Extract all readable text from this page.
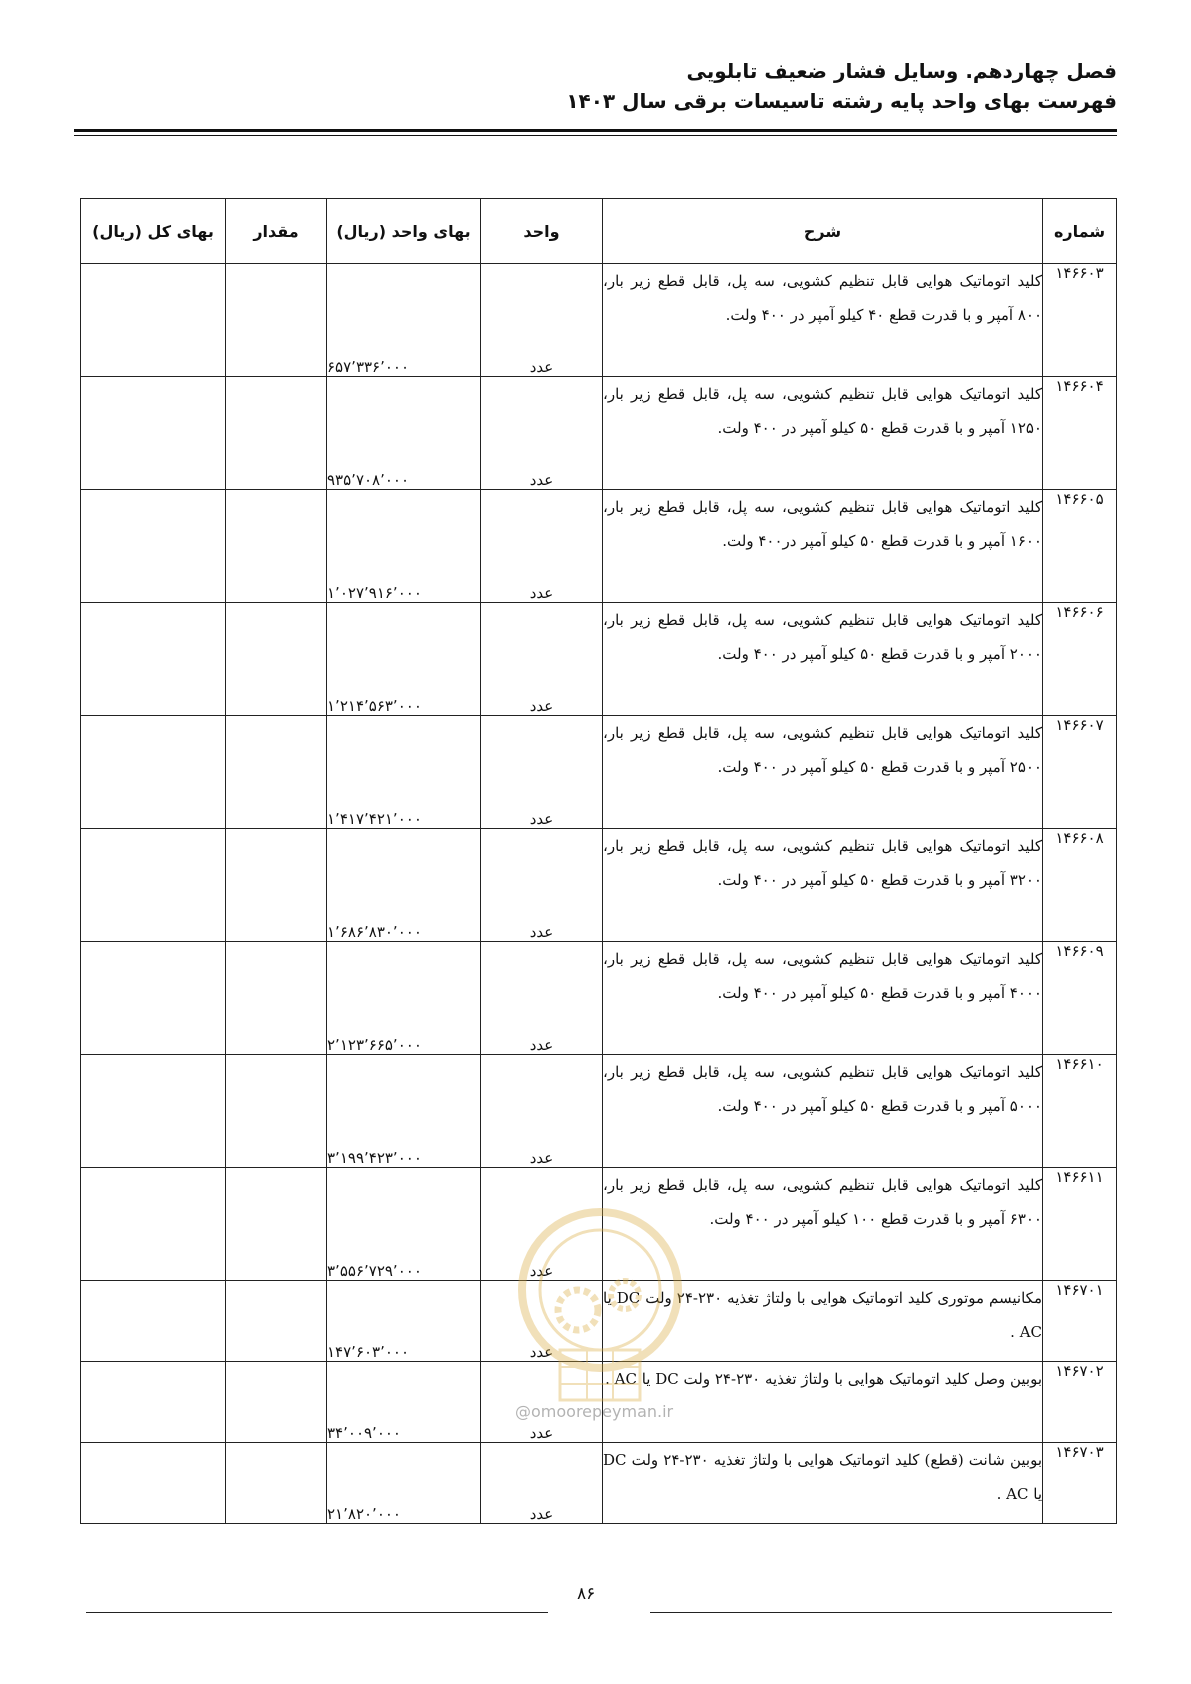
فصل چهاردهم. وسایل فشار ضعیف تابلویی
فهرست بهای واحد پایه رشته تاسیسات برقی سال ۱۴۰۳
شماره	شرح	واحد	بهای واحد (ریال)	مقدار	بهای کل (ریال)
۱۴۶۶۰۳	کلید اتوماتیک هوایی قابل تنظیم کشویی، سه پل، قابل قطع زیر بار، ۸۰۰ آمپر و با قدرت قطع ۴۰ کیلو آمپر در ۴۰۰ ولت.	عدد	۶۵۷٬۳۳۶٬۰۰۰		
۱۴۶۶۰۴	کلید اتوماتیک هوایی قابل تنظیم کشویی، سه پل، قابل قطع زیر بار، ۱۲۵۰ آمپر و با قدرت قطع ۵۰ کیلو آمپر در ۴۰۰ ولت.	عدد	۹۳۵٬۷۰۸٬۰۰۰		
۱۴۶۶۰۵	کلید اتوماتیک هوایی قابل تنظیم کشویی، سه پل، قابل قطع زیر بار، ۱۶۰۰ آمپر و با قدرت قطع ۵۰ کیلو آمپر در۴۰۰ ولت.	عدد	۱٬۰۲۷٬۹۱۶٬۰۰۰		
۱۴۶۶۰۶	کلید اتوماتیک هوایی قابل تنظیم کشویی، سه پل، قابل قطع زیر بار، ۲۰۰۰ آمپر و با قدرت قطع ۵۰ کیلو آمپر در ۴۰۰ ولت.	عدد	۱٬۲۱۴٬۵۶۳٬۰۰۰		
۱۴۶۶۰۷	کلید اتوماتیک هوایی قابل تنظیم کشویی، سه پل، قابل قطع زیر بار، ۲۵۰۰ آمپر و با قدرت قطع ۵۰ کیلو آمپر در ۴۰۰ ولت.	عدد	۱٬۴۱۷٬۴۲۱٬۰۰۰		
۱۴۶۶۰۸	کلید اتوماتیک هوایی قابل تنظیم کشویی، سه پل، قابل قطع زیر بار، ۳۲۰۰ آمپر و با قدرت قطع ۵۰ کیلو آمپر در ۴۰۰ ولت.	عدد	۱٬۶۸۶٬۸۳۰٬۰۰۰		
۱۴۶۶۰۹	کلید اتوماتیک هوایی قابل تنظیم کشویی، سه پل، قابل قطع زیر بار، ۴۰۰۰ آمپر و با قدرت قطع ۵۰ کیلو آمپر در ۴۰۰ ولت.	عدد	۲٬۱۲۳٬۶۶۵٬۰۰۰		
۱۴۶۶۱۰	کلید اتوماتیک هوایی قابل تنظیم کشویی، سه پل، قابل قطع زیر بار، ۵۰۰۰ آمپر و با قدرت قطع ۵۰ کیلو آمپر در ۴۰۰ ولت.	عدد	۳٬۱۹۹٬۴۲۳٬۰۰۰		
۱۴۶۶۱۱	کلید اتوماتیک هوایی قابل تنظیم کشویی، سه پل، قابل قطع زیر بار، ۶۳۰۰ آمپر و با قدرت قطع ۱۰۰ کیلو آمپر در ۴۰۰ ولت.	عدد	۳٬۵۵۶٬۷۲۹٬۰۰۰		
۱۴۶۷۰۱	مکانیسم موتوری کلید اتوماتیک هوایی با ولتاژ تغذیه ۲۳۰-۲۴ ولت DC یا AC .	عدد	۱۴۷٬۶۰۳٬۰۰۰		
۱۴۶۷۰۲	بوبین وصل کلید اتوماتیک هوایی با ولتاژ تغذیه ۲۳۰-۲۴ ولت DC یا AC .	عدد	۳۴٬۰۰۹٬۰۰۰		
۱۴۶۷۰۳	بوبین شانت (قطع) کلید اتوماتیک هوایی با ولتاژ تغذیه ۲۳۰-۲۴ ولت DC یا AC .	عدد	۲۱٬۸۲۰٬۰۰۰		
@omoorepeyman.ir
۸۶
